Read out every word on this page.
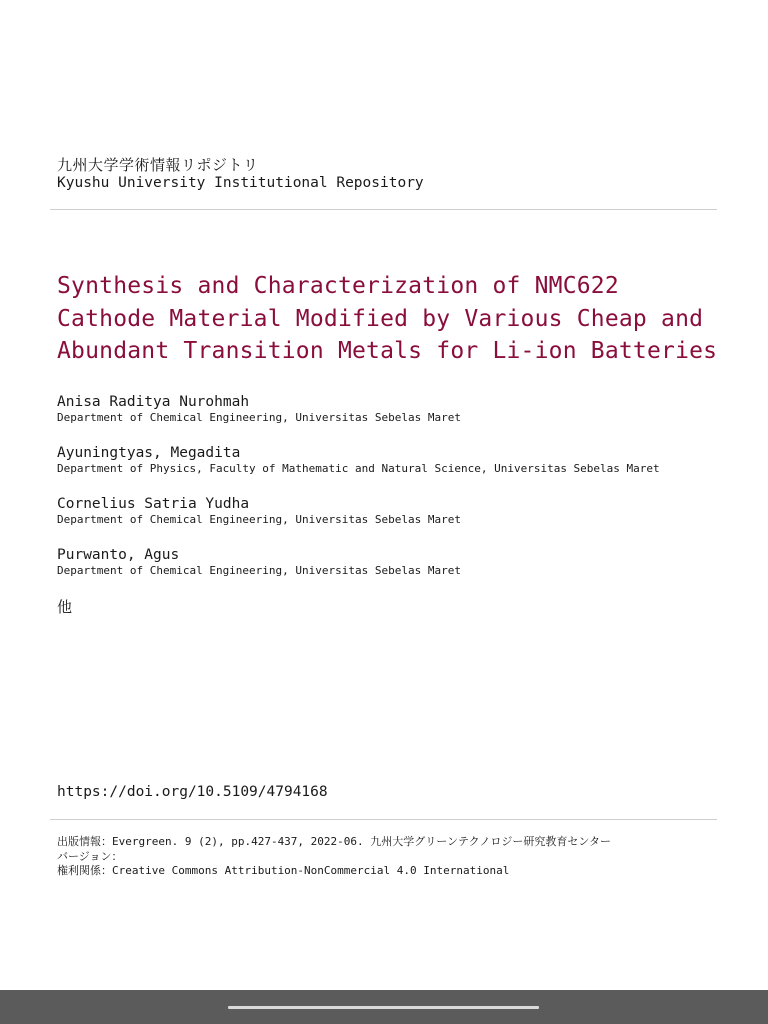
九州大学学術情報リポジトリ
Kyushu University Institutional Repository
Synthesis and Characterization of NMC622
Cathode Material Modified by Various Cheap and
Abundant Transition Metals for Li-ion Batteries
Anisa Raditya Nurohmah
Department of Chemical Engineering, Universitas Sebelas Maret
Ayuningtyas, Megadita
Department of Physics, Faculty of Mathematic and Natural Science, Universitas Sebelas Maret
Cornelius Satria Yudha
Department of Chemical Engineering, Universitas Sebelas Maret
Purwanto, Agus
Department of Chemical Engineering, Universitas Sebelas Maret
他
https://doi.org/10.5109/4794168
出版情報：Evergreen. 9 (2), pp.427-437, 2022-06. 九州大学グリーンテクノロジー研究教育センター
バージョン：
権利関係：Creative Commons Attribution-NonCommercial 4.0 International
